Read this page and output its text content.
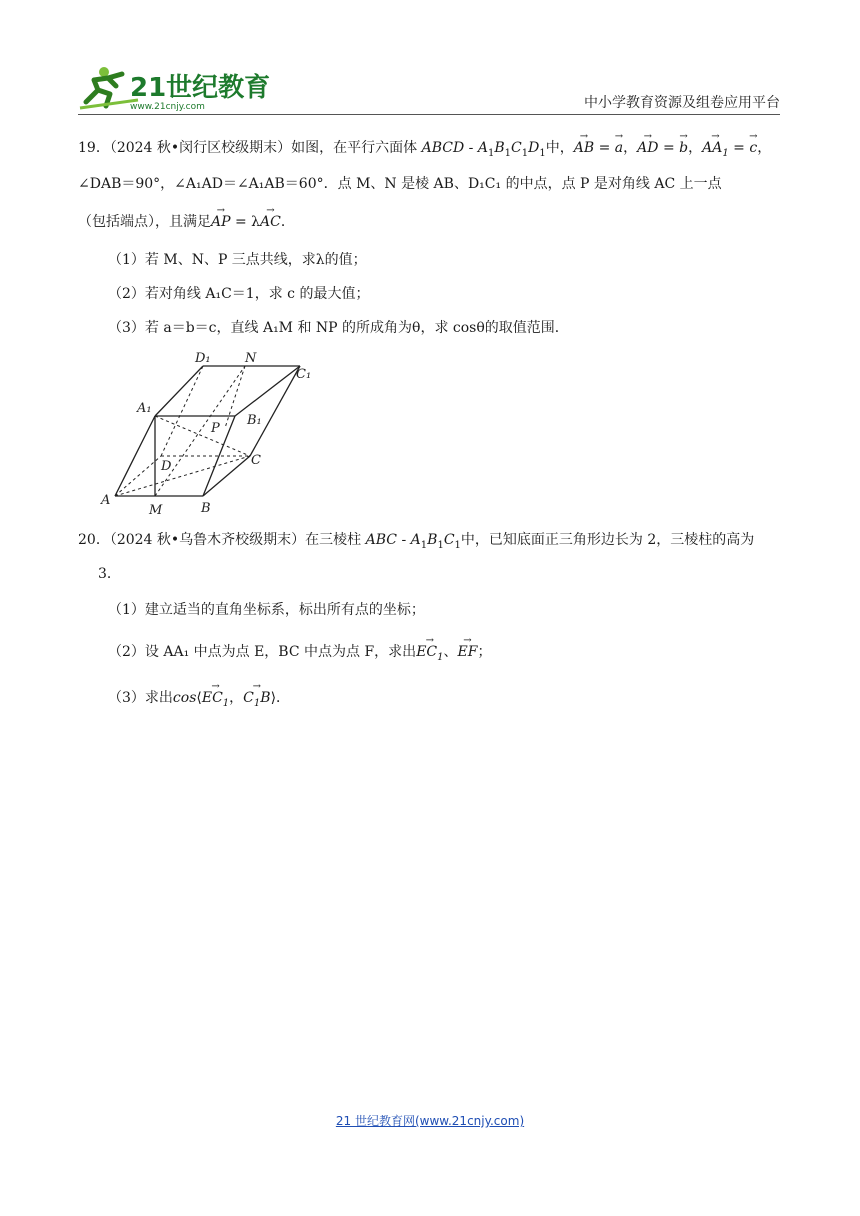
21世纪教育
www.21cnjy.com	中小学教育资源及组卷应用平台
19．（2024 秋•闵行区校级期末）如图，在平行六面体 ABCD - $A_1B_1C_1D_1$中，→ AB = → a，→ AD = → b，→ $AA_1$ = → c，
∠DAB＝90°，∠A₁AD＝∠A₁AB＝60°．点 M、N 是棱 AB、D₁C₁ 的中点，点 P 是对角线 AC 上一点
（包括端点），且满足→ AP = λ→ AC．
（1）若 M、N、P 三点共线，求λ的值；
（2）若对角线 A₁C＝1，求 c 的最大值；
（3）若 a＝b＝c，直线 A₁M 和 NP 的所成角为θ，求 cosθ的取值范围．
20．（2024 秋•乌鲁木齐校级期末）在三棱柱 ABC - $A_1B_1C_1$中，已知底面正三角形边长为 2，三棱柱的高为
3．
（1）建立适当的直角坐标系，标出所有点的坐标；
（2）设 AA₁ 中点为点 E，BC 中点为点 F，求出→ $EC_1$、→ EF；
（3）求出cos⟨→ $EC_1$，→ $C_1B⟩$．
D₁	N
C₁
A₁
B₁
P
D	C
A
M	B
21 世纪教育网(www.21cnjy.com)
